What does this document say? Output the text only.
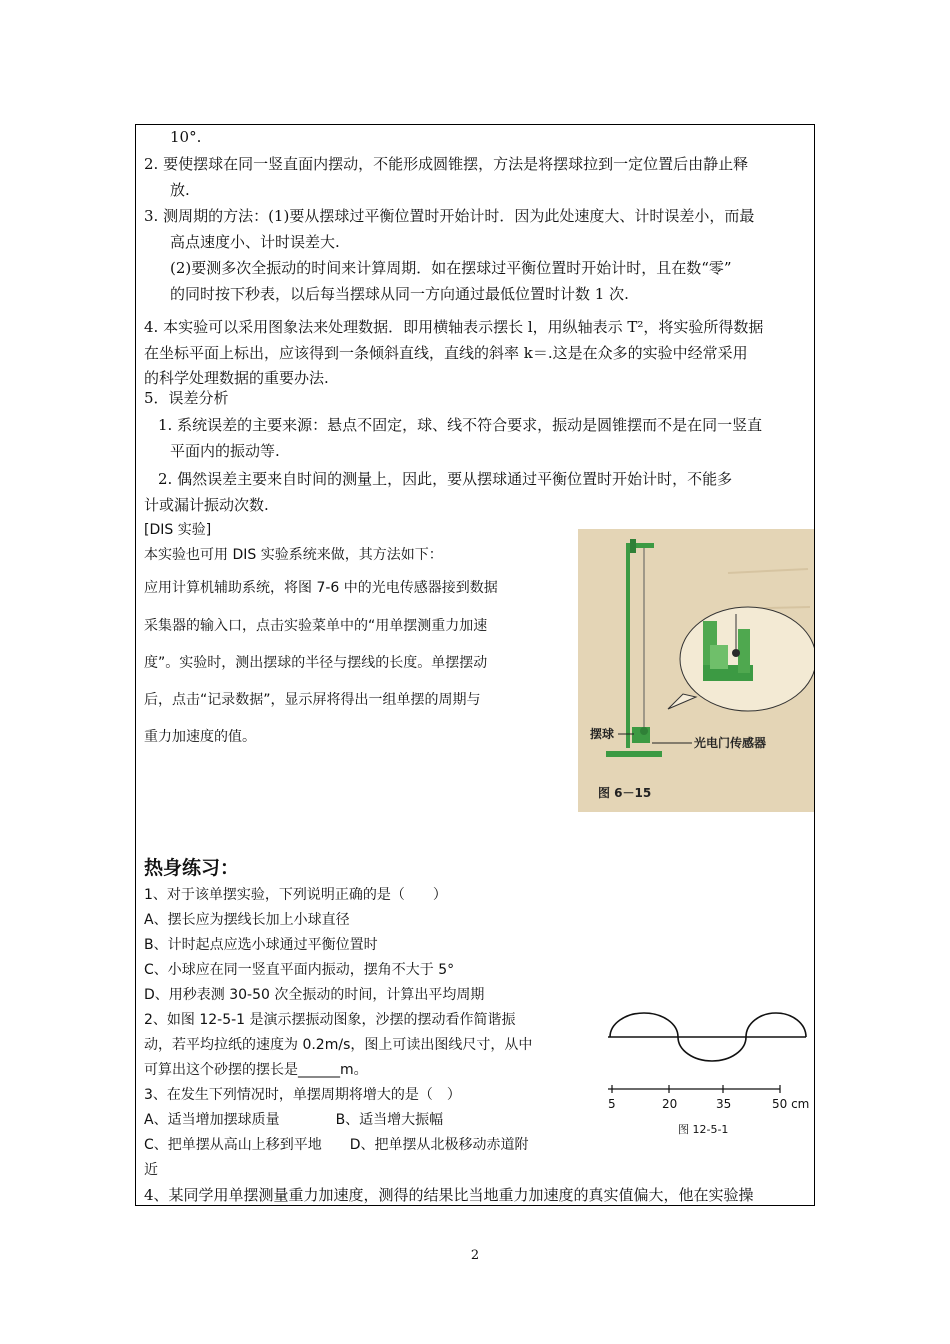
10°.
2. 要使摆球在同一竖直面内摆动，不能形成圆锥摆，方法是将摆球拉到一定位置后由静止释
放.
3. 测周期的方法：(1)要从摆球过平衡位置时开始计时．因为此处速度大、计时误差小，而最
高点速度小、计时误差大.
(2)要测多次全振动的时间来计算周期．如在摆球过平衡位置时开始计时，且在数“零”
的同时按下秒表，以后每当摆球从同一方向通过最低位置时计数 1 次.
4. 本实验可以采用图象法来处理数据．即用横轴表示摆长 l，用纵轴表示 T²，将实验所得数据
在坐标平面上标出，应该得到一条倾斜直线，直线的斜率 k＝.这是在众多的实验中经常采用
的科学处理数据的重要办法.
5．误差分析
1. 系统误差的主要来源：悬点不固定，球、线不符合要求，振动是圆锥摆而不是在同一竖直
平面内的振动等.
2. 偶然误差主要来自时间的测量上，因此，要从摆球通过平衡位置时开始计时，不能多
计或漏计振动次数.
[DIS 实验]
本实验也可用 DIS 实验系统来做，其方法如下：
应用计算机辅助系统，将图 7-6 中的光电传感器接到数据
采集器的输入口，点击实验菜单中的“用单摆测重力加速
度”。实验时，测出摆球的半径与摆线的长度。单摆摆动
后，点击“记录数据”，显示屏将得出一组单摆的周期与
重力加速度的值。
热身练习：
1、对于该单摆实验，下列说明正确的是（　　）
A、摆长应为摆线长加上小球直径
B、计时起点应选小球通过平衡位置时
C、小球应在同一竖直平面内振动，摆角不大于 5°
D、用秒表测 30-50 次全振动的时间，计算出平均周期
2、如图 12-5-1 是演示摆振动图象，沙摆的摆动看作简谐振
动，若平均拉纸的速度为 0.2m/s，图上可读出图线尺寸，从中
可算出这个砂摆的摆长是______m。
3、在发生下列情况时，单摆周期将增大的是（　）
A、适当增加摆球质量　　　　B、适当增大振幅
C、把单摆从高山上移到平地　　D、把单摆从北极移动赤道附
近
4、某同学用单摆测量重力加速度，测得的结果比当地重力加速度的真实值偏大，他在实验操
摆球
光电门传感器
图 6－15
5	20	35	50 cm
图 12-5-1
2
